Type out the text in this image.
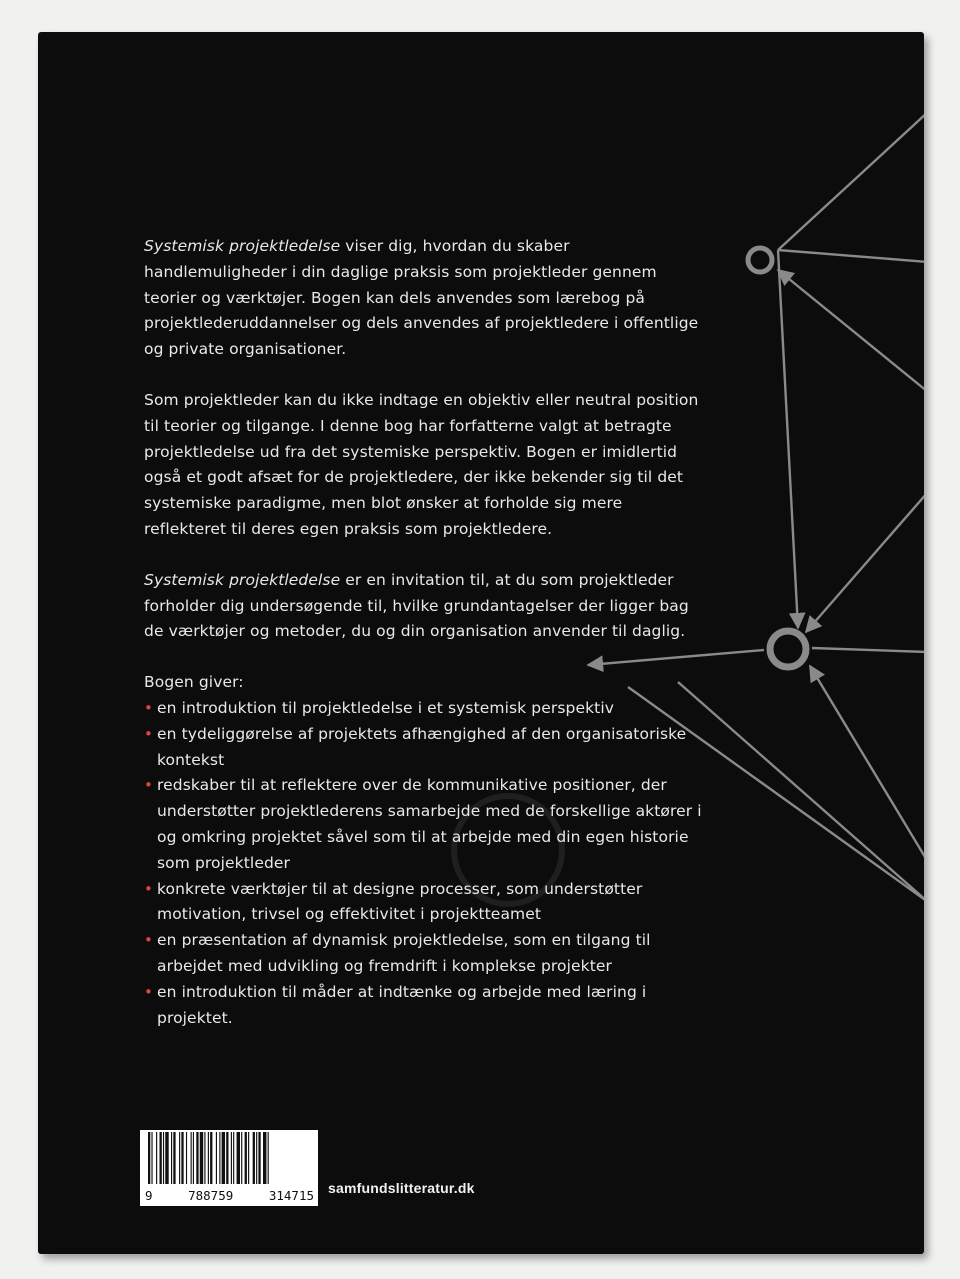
Systemisk projektledelse viser dig, hvordan du skaber handlemuligheder i din daglige praksis som projektleder gennem teorier og værktøjer. Bogen kan dels anvendes som lærebog på projektlederuddannelser og dels anvendes af projektledere i offentlige og private organisationer.

Som projektleder kan du ikke indtage en objektiv eller neutral position til teorier og tilgange. I denne bog har forfatterne valgt at betragte projektledelse ud fra det systemiske perspektiv. Bogen er imidlertid også et godt afsæt for de projektledere, der ikke bekender sig til det systemiske paradigme, men blot ønsker at forholde sig mere reflekteret til deres egen praksis som projektledere.

Systemisk projektledelse er en invitation til, at du som projektleder forholder dig undersøgende til, hvilke grundantagelser der ligger bag de værktøjer og metoder, du og din organisation anvender til daglig.

Bogen giver:

• en introduktion til projektledelse i et systemisk perspektiv
• en tydeliggørelse af projektets afhængighed af den organisatoriske kontekst
• redskaber til at reflektere over de kommunikative positioner, der understøtter projektlederens samarbejde med de forskellige aktører i og omkring projektet såvel som til at arbejde med din egen historie som projektleder
• konkrete værktøjer til at designe processer, som understøtter motivation, trivsel og effektivitet i projektteamet
• en præsentation af dynamisk projektledelse, som en tilgang til arbejdet med udvikling og fremdrift i komplekse projekter
• en introduktion til måder at indtænke og arbejde med læring i projektet.
9	788759	314715 samfundslitteratur.dk
